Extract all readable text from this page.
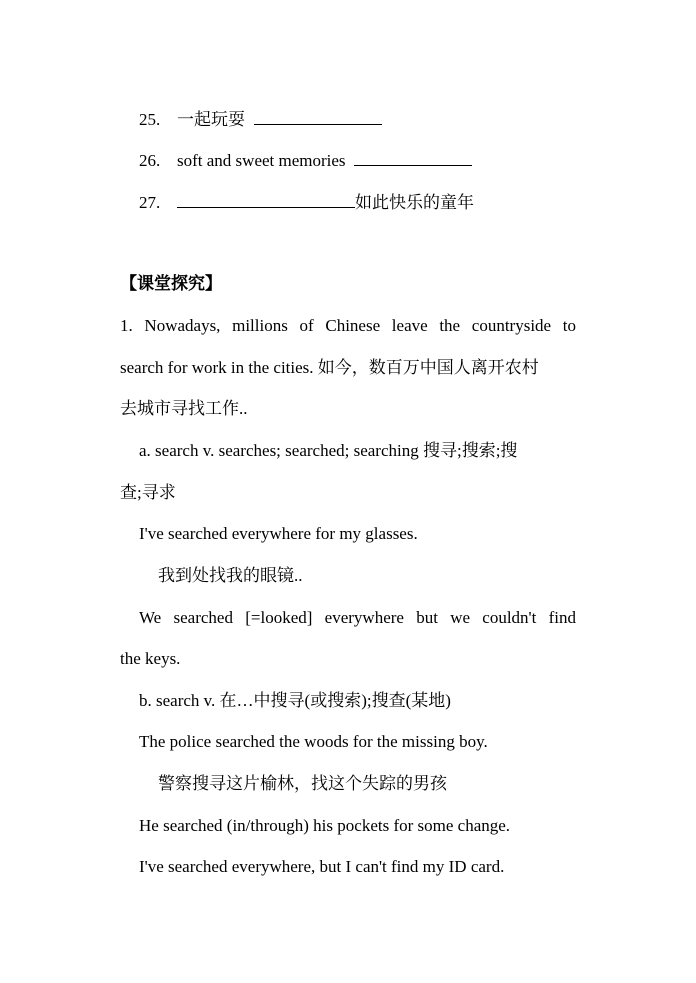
25. 一起玩耍
26. soft and sweet memories
27.	如此快乐的童年
【课堂探究】
1. Nowadays, millions of Chinese leave the countryside to
search for work in the cities. 如今，数百万中国人离开农村
去城市寻找工作..
a. search v. searches; searched; searching 搜寻;搜索;搜
查;寻求
I've searched everywhere for my glasses.
我到处找我的眼镜..
We searched [=looked] everywhere but we couldn't find
the keys.
b. search v. 在…中搜寻(或搜索);搜查(某地)
The police searched the woods for the missing boy.
警察搜寻这片榆林，找这个失踪的男孩
He searched (in/through) his pockets for some change.
I've searched everywhere, but I can't find my ID card.
